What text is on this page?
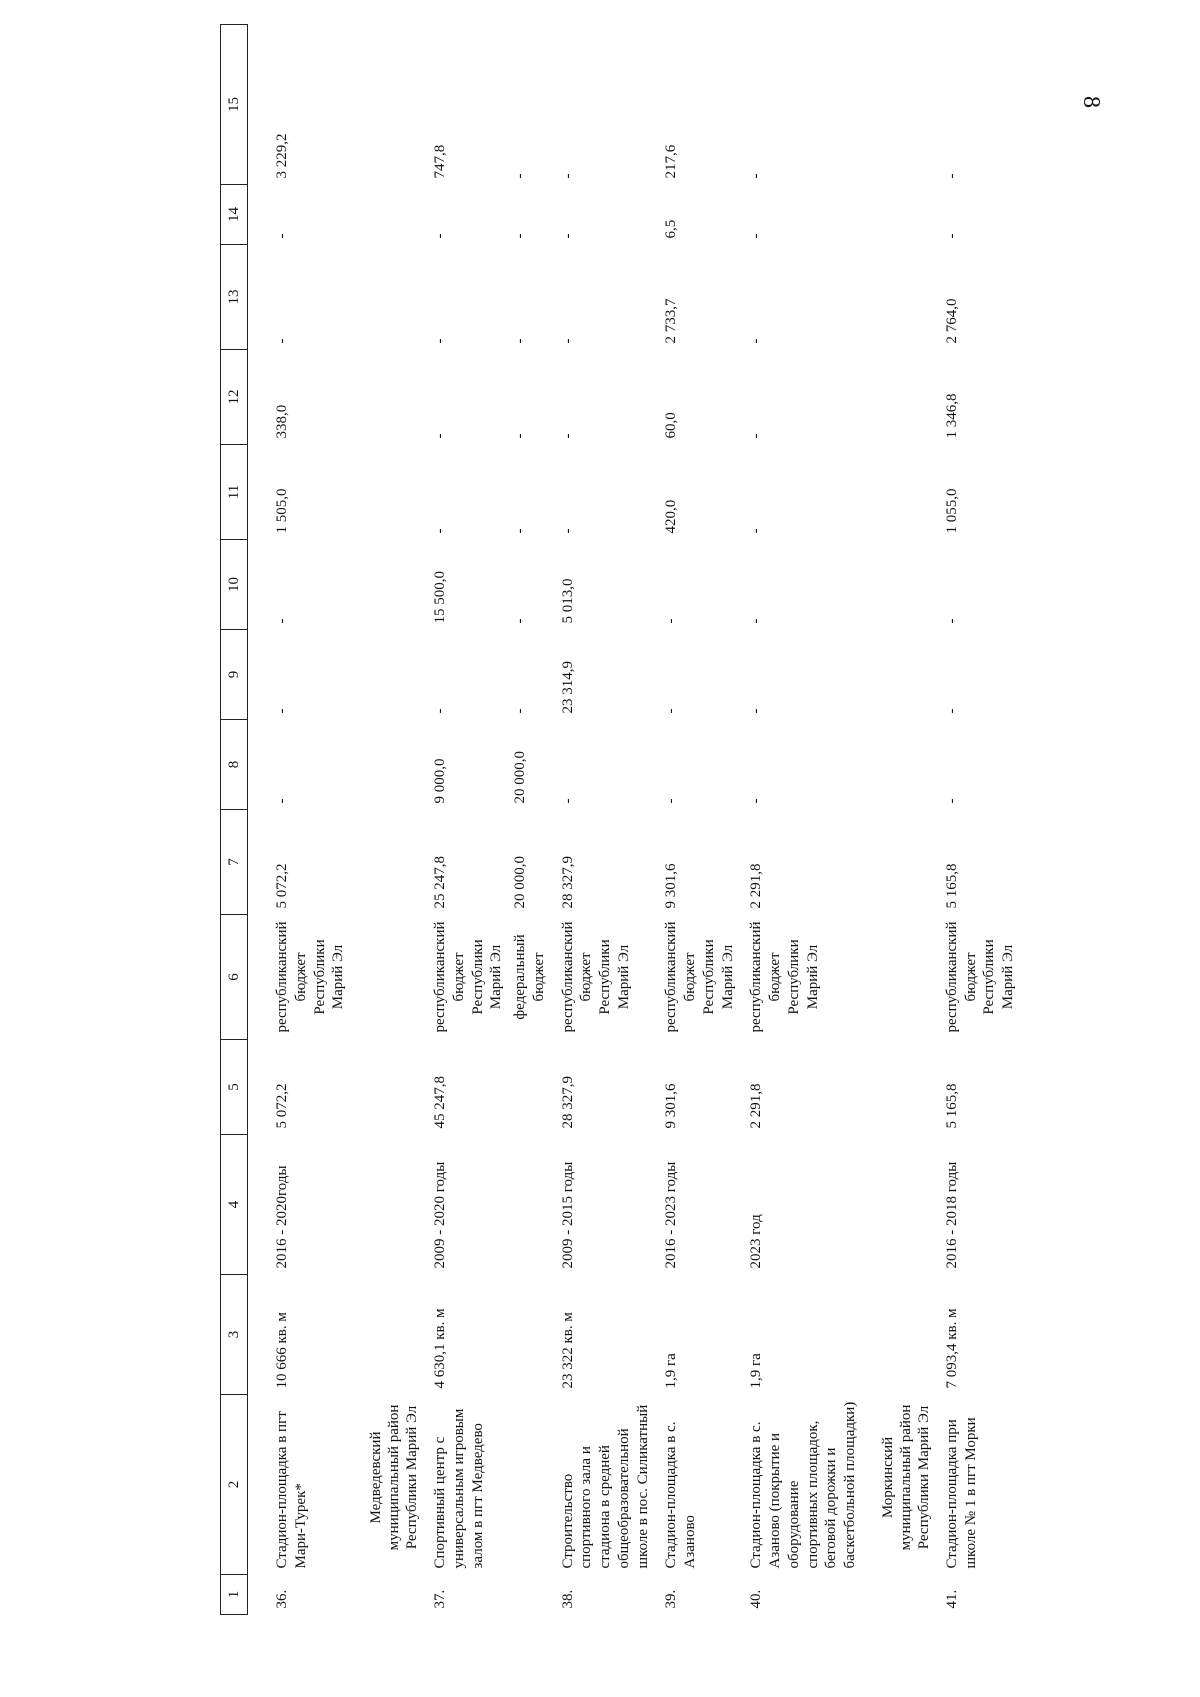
8
1	2	3	4	5	6	7	8	9	10	11	12	13	14	15

36.	Стадион-площадка в пгт Мари-Турек*	10 666 кв. м	2016 - 2020годы	5 072,2	республиканский бюджет Республики Марий Эл	5 072,2	-	-	-	1 505,0	338,0	-	-	3 229,2
	Медведевский муниципальный район Республики Марий Эл													
37.	Спортивный центр с универсальным игровым залом в пгт Медведево	4 630,1 кв. м	2009 - 2020 годы	45 247,8	республиканский бюджет Республики Марий Эл	25 247,8	9 000,0	-	15 500,0	-	-	-	-	747,8
					федеральный бюджет	20 000,0	20 000,0	-	-	-	-	-	-	-
38.	Строительство спортивного зала и стадиона в средней общеобразовательной школе в пос. Силикатный	23 322 кв. м	2009 - 2015 годы	28 327,9	республиканский бюджет Республики Марий Эл	28 327,9	-	23 314,9	5 013,0	-	-	-	-	-
39.	Стадион-площадка в с. Азаново	1,9 га	2016 - 2023 годы	9 301,6	республиканский бюджет Республики Марий Эл	9 301,6	-	-	-	420,0	60,0	2 733,7	6,5	217,6
40.	Стадион-площадка в с. Азаново (покрытие и оборудование спортивных площадок, беговой дорожки и баскетбольной площадки)	1,9 га	2023 год	2 291,8	республиканский бюджет Республики Марий Эл	2 291,8	-	-	-	-	-	-	-	-
	Моркинский муниципальный район Республики Марий Эл													
41.	Стадион-площадка при школе № 1 в пгт Морки	7 093,4 кв. м	2016 - 2018 годы	5 165,8	республиканский бюджет Республики Марий Эл	5 165,8	-	-	-	1 055,0	1 346,8	2 764,0	-	-
